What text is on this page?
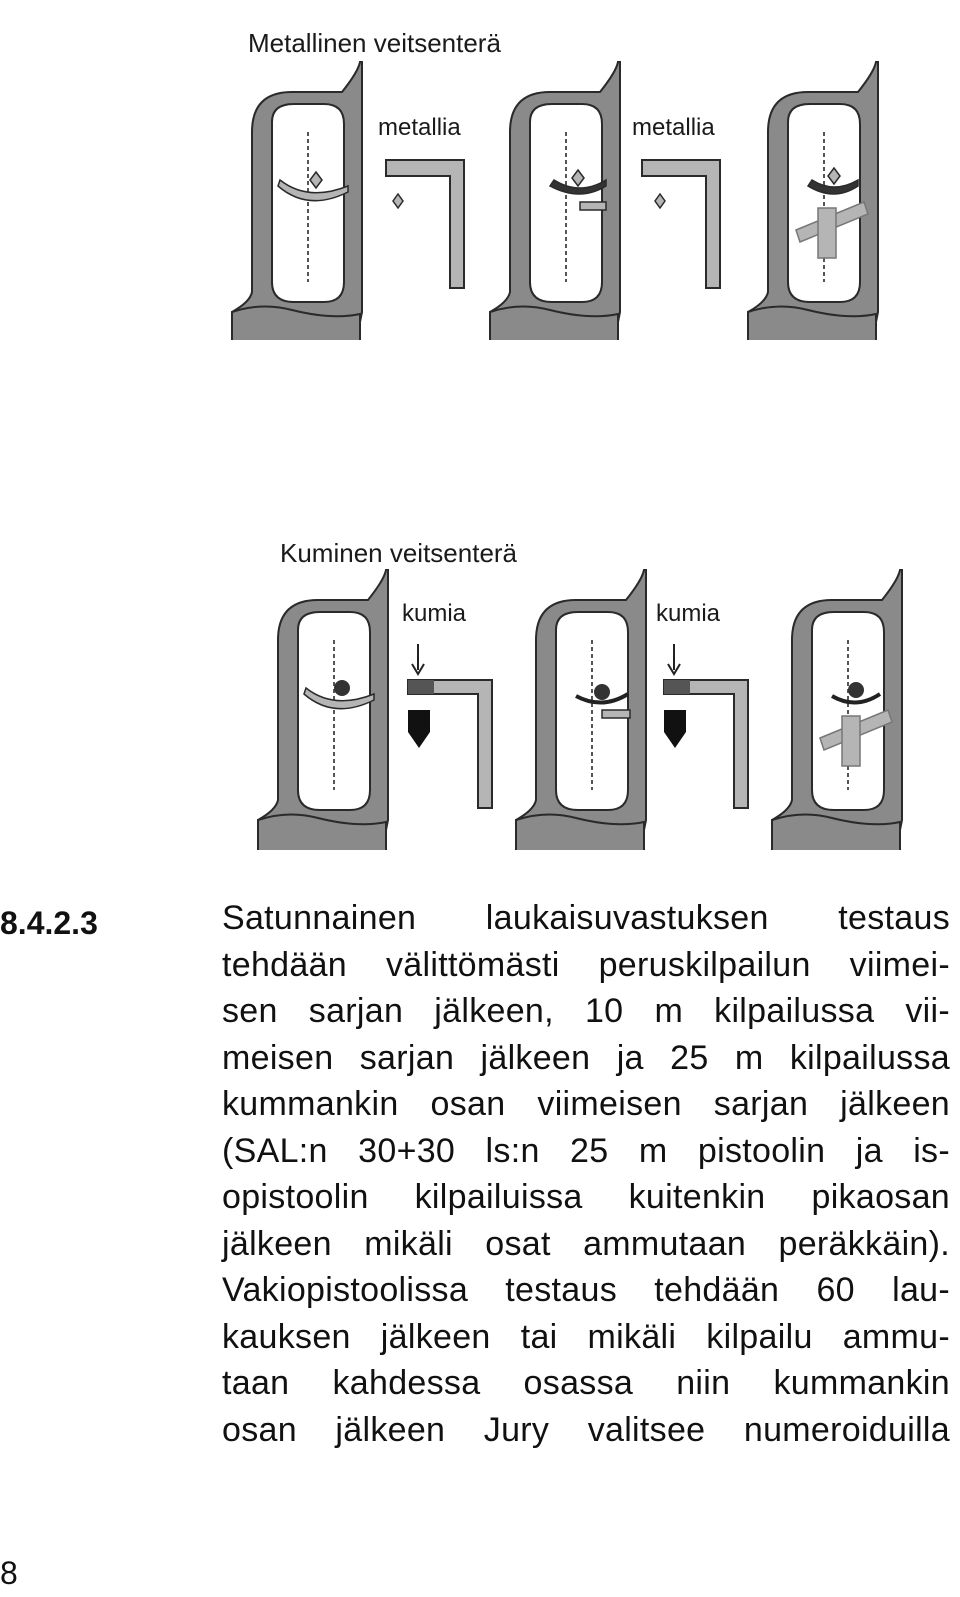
Metallinen veitsenterä
metallia	metallia
Kuminen veitsenterä
kumia	kumia
8.4.2.3	Satunnainen laukaisuvastuksen testaus
tehdään välittömästi peruskilpailun viimei-
sen sarjan jälkeen, 10 m kilpailussa vii-
meisen sarjan jälkeen ja 25 m kilpailussa
kummankin osan viimeisen sarjan jälkeen
(SAL:n 30+30 ls:n 25 m pistoolin ja is-
opistoolin kilpailuissa kuitenkin pikaosan
jälkeen mikäli osat ammutaan peräkkäin).
Vakiopistoolissa testaus tehdään 60 lau-
kauksen jälkeen tai mikäli kilpailu ammu-
taan kahdessa osassa niin kummankin
osan jälkeen Jury valitsee numeroiduilla
8
